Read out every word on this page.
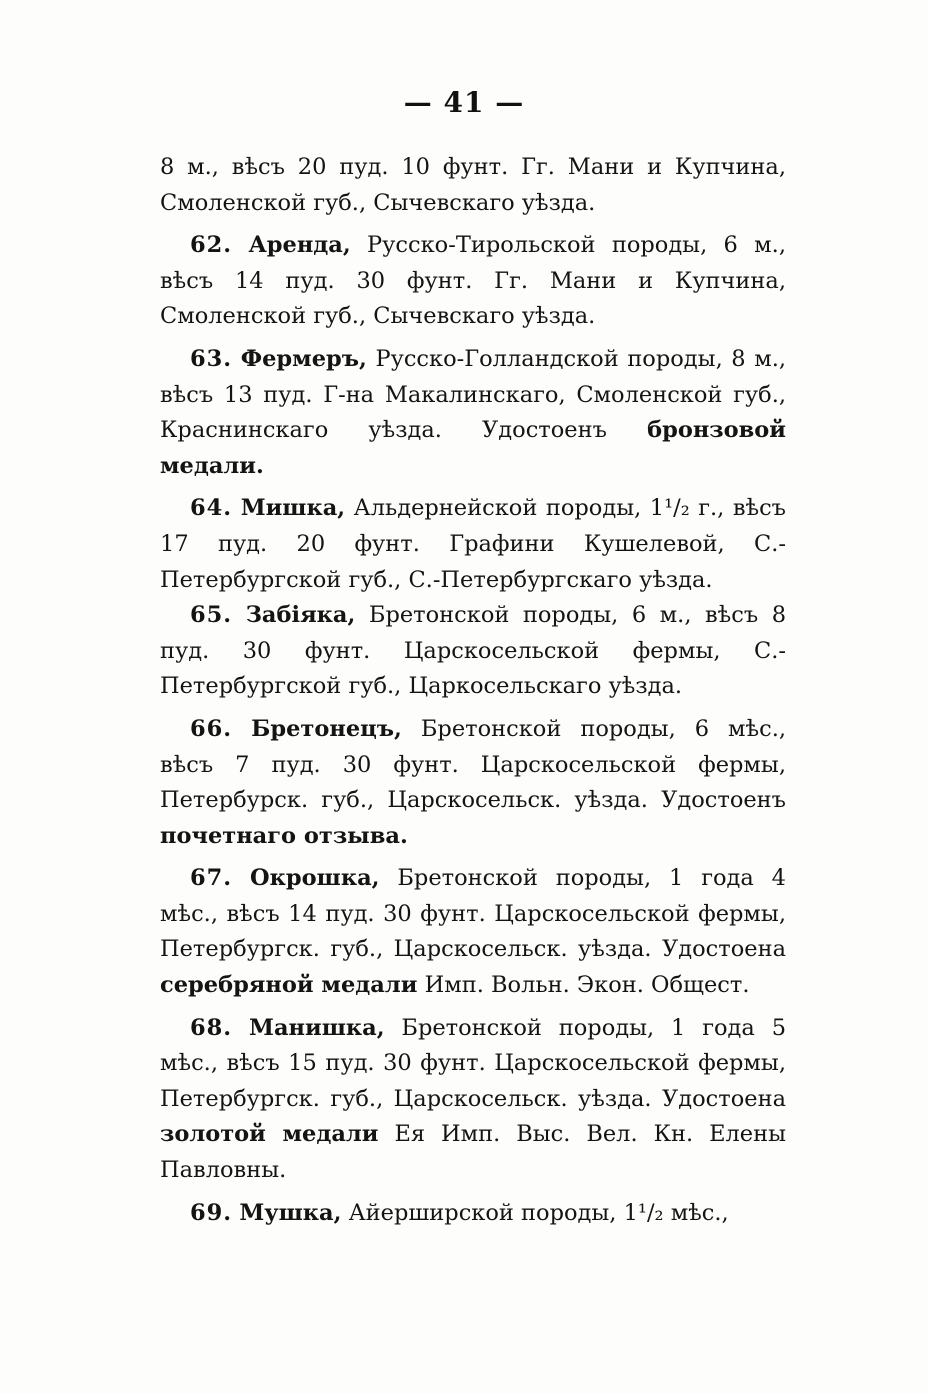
— 41 —

8 м., вѣсъ 20 пуд. 10 фунт. Гг. Мани и Купчина, Смоленской губ., Сычевскаго уѣзда.

62. Аренда, Русско-Тирольской породы, 6 м., вѣсъ 14 пуд. 30 фунт. Гг. Мани и Купчина, Смоленской губ., Сычевскаго уѣзда.

63. Фермеръ, Русско-Голландской породы, 8 м., вѣсъ 13 пуд. Г-на Макалинскаго, Смоленской губ., Краснинскаго уѣзда. Удостоенъ бронзовой медали.

64. Мишка, Альдернейской породы, 1¹/₂ г., вѣсъ 17 пуд. 20 фунт. Графини Кушелевой, С.-Петербургской губ., С.-Петербургскаго уѣзда.

65. Забіяка, Бретонской породы, 6 м., вѣсъ 8 пуд. 30 фунт. Царскосельской фермы, С.-Петербургской губ., Царкосельскаго уѣзда.

66. Бретонецъ, Бретонской породы, 6 мѣс., вѣсъ 7 пуд. 30 фунт. Царскосельской фермы, Петербурск. губ., Царскосельск. уѣзда. Удостоенъ почетнаго отзыва.

67. Окрошка, Бретонской породы, 1 года 4 мѣс., вѣсъ 14 пуд. 30 фунт. Царскосельской фермы, Петербургск. губ., Царскосельск. уѣзда. Удостоена серебряной медали Имп. Вольн. Экон. Общест.

68. Манишка, Бретонской породы, 1 года 5 мѣс., вѣсъ 15 пуд. 30 фунт. Царскосельской фермы, Петербургск. губ., Царскосельск. уѣзда. Удостоена золотой медали Ея Имп. Выс. Вел. Кн. Елены Павловны.

69. Мушка, Айерширской породы, 1¹/₂ мѣс.,
